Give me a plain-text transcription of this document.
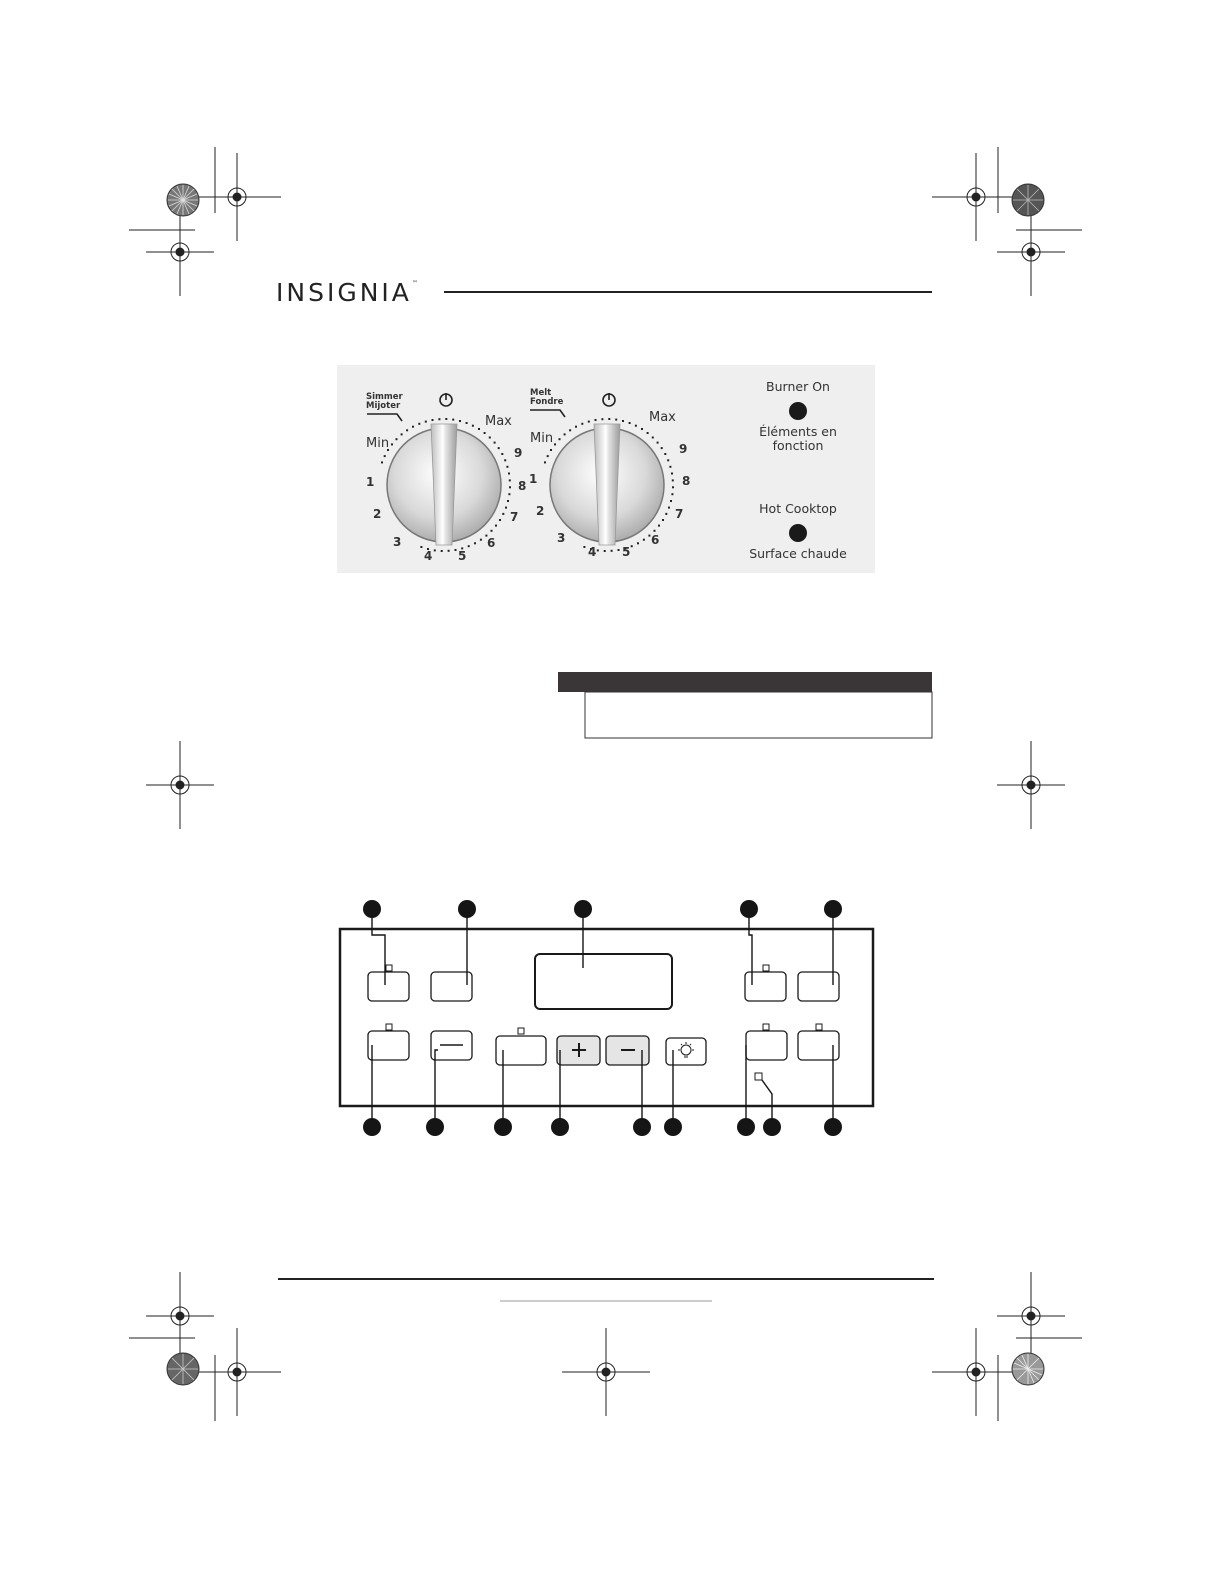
INSIGNIA™
Simmer
Mijoter
Min
Max
1
2
3
4 5
6
7
8
9
Melt
Fondre
Min
Max
1
2
3
4 5
6
7
8
9
Burner On
Éléments en
fonction
Hot Cooktop
Surface chaude
